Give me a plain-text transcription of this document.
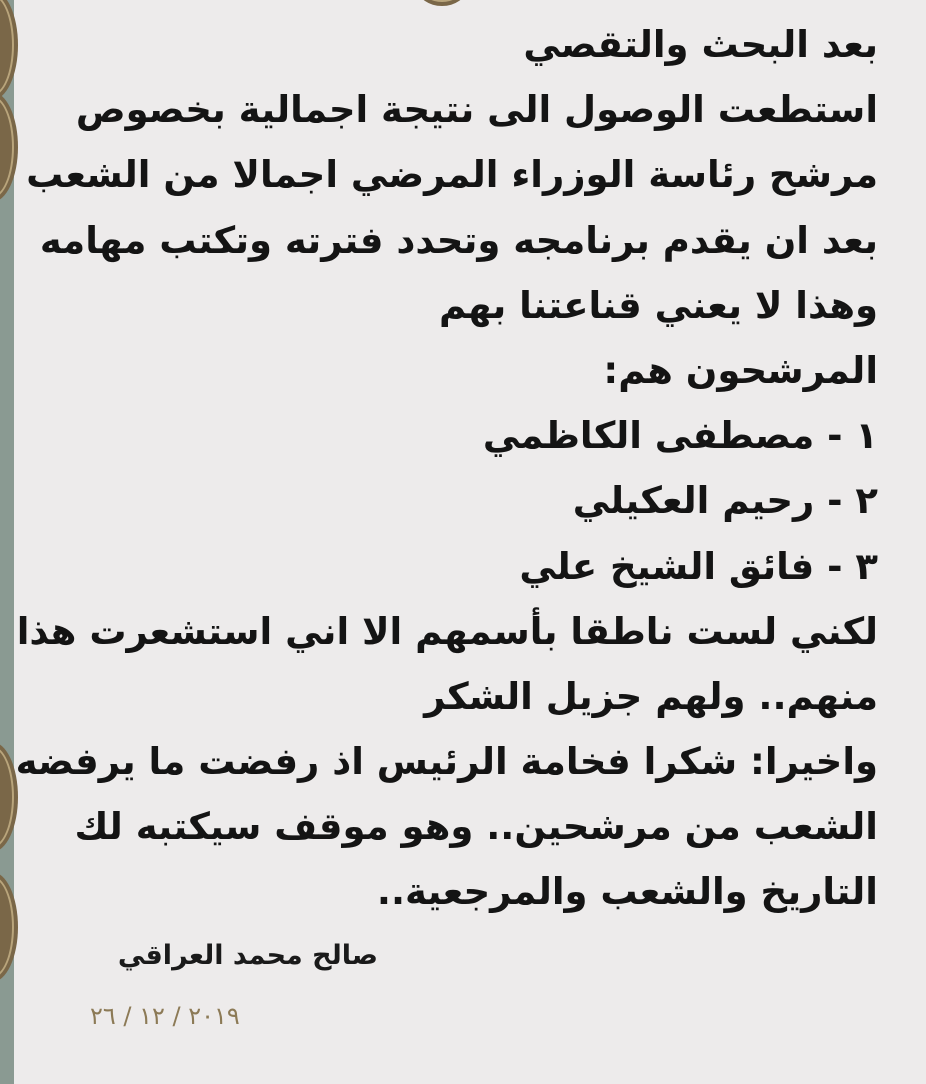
بعد البحث والتقصي
استطعت الوصول الى نتيجة اجمالية بخصوص
مرشح رئاسة الوزراء المرضي اجمالا من الشعب
بعد ان يقدم برنامجه وتحدد فترته وتكتب مهامه
وهذا لا يعني قناعتنا بهم
المرشحون هم:
١ - مصطفى الكاظمي
٢ - رحيم العكيلي
٣ - فائق الشيخ علي
لكني لست ناطقا بأسمهم الا اني استشعرت هذا
منهم.. ولهم جزيل الشكر
واخيرا: شكرا فخامة الرئيس اذ رفضت ما يرفضه
الشعب من مرشحين.. وهو موقف سيكتبه لك
التاريخ والشعب والمرجعية..
صالح محمد العراقي
٢٠١٩ / ١٢ / ٢٦
